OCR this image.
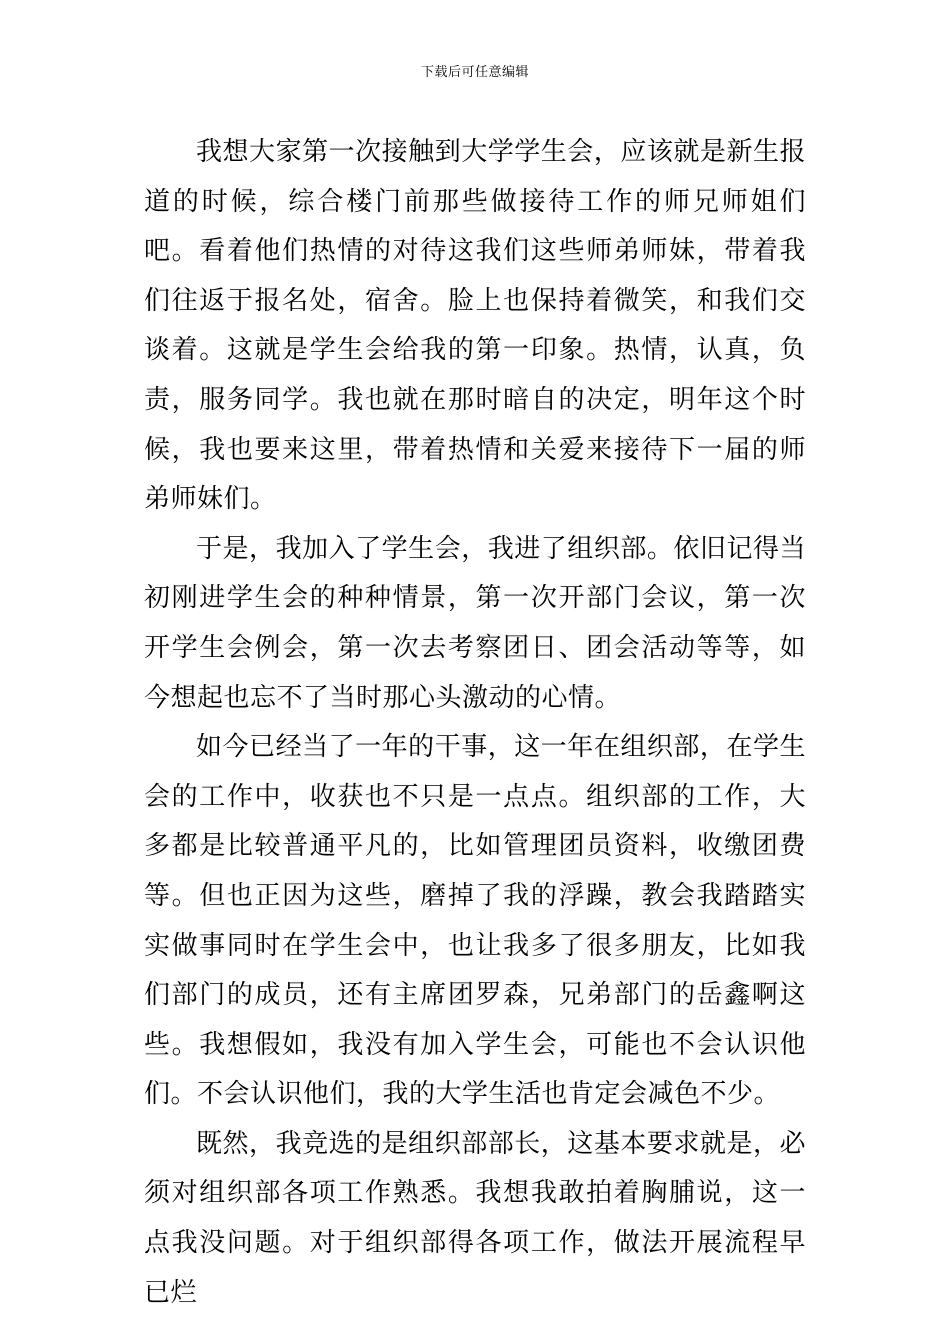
下载后可任意编辑

我想大家第一次接触到大学学生会，应该就是新生报道的时候，综合楼门前那些做接待工作的师兄师姐们吧。看着他们热情的对待这我们这些师弟师妹，带着我们往返于报名处，宿舍。脸上也保持着微笑，和我们交谈着。这就是学生会给我的第一印象。热情，认真，负责，服务同学。我也就在那时暗自的决定，明年这个时候，我也要来这里，带着热情和关爱来接待下一届的师弟师妹们。

于是，我加入了学生会，我进了组织部。依旧记得当初刚进学生会的种种情景，第一次开部门会议，第一次开学生会例会，第一次去考察团日、团会活动等等，如今想起也忘不了当时那心头激动的心情。

如今已经当了一年的干事，这一年在组织部，在学生会的工作中，收获也不只是一点点。组织部的工作，大多都是比较普通平凡的，比如管理团员资料，收缴团费等。但也正因为这些，磨掉了我的浮躁，教会我踏踏实实做事同时在学生会中，也让我多了很多朋友，比如我们部门的成员，还有主席团罗森，兄弟部门的岳鑫啊这些。我想假如，我没有加入学生会，可能也不会认识他们。不会认识他们，我的大学生活也肯定会减色不少。

既然，我竞选的是组织部部长，这基本要求就是，必须对组织部各项工作熟悉。我想我敢拍着胸脯说，这一点我没问题。对于组织部得各项工作，做法开展流程早已烂
